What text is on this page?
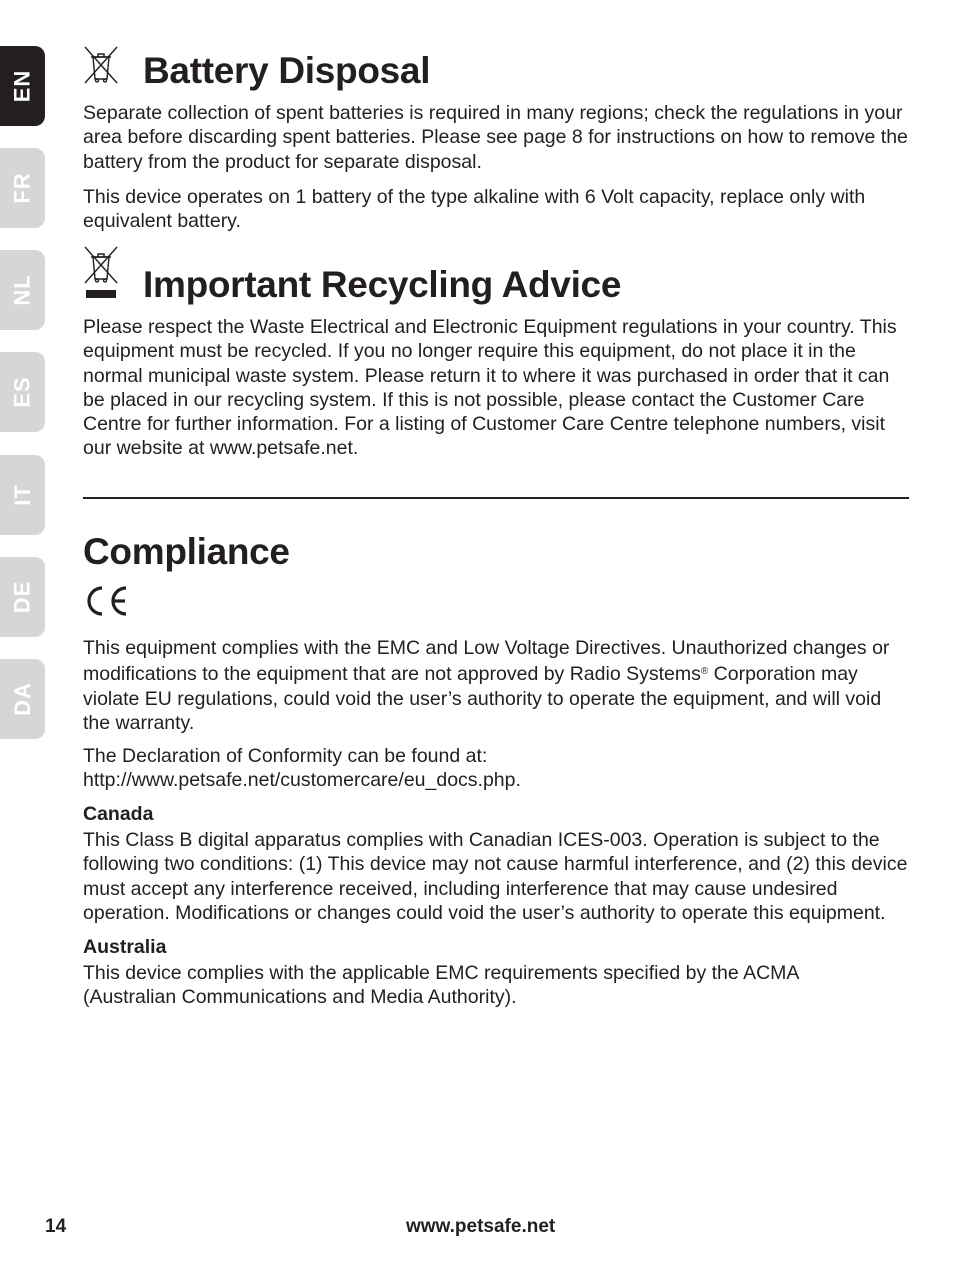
EN
FR
NL
ES
IT
DE
DA
Battery Disposal

Separate collection of spent batteries is required in many regions; check the regulations in your area before discarding spent batteries. Please see page 8 for instructions on how to remove the battery from the product for separate disposal.

This device operates on 1 battery of the type alkaline with 6 Volt capacity, replace only with equivalent battery.

Important Recycling Advice

Please respect the Waste Electrical and Electronic Equipment regulations in your country. This equipment must be recycled. If you no longer require this equipment, do not place it in the normal municipal waste system. Please return it to where it was purchased in order that it can be placed in our recycling system. If this is not possible, please contact the Customer Care Centre for further information. For a listing of Customer Care Centre telephone numbers, visit our website at www.petsafe.net.

Compliance

This equipment complies with the EMC and Low Voltage Directives. Unauthorized changes or modifications to the equipment that are not approved by Radio Systems® Corporation may violate EU regulations, could void the user’s authority to operate the equipment, and will void the warranty.

The Declaration of Conformity can be found at: http://www.petsafe.net/customercare/eu_docs.php.

Canada

This Class B digital apparatus complies with Canadian ICES-003. Operation is subject to the following two conditions: (1) This device may not cause harmful interference, and (2) this device must accept any interference received, including interference that may cause undesired operation. Modifications or changes could void the user’s authority to operate this equipment.

Australia

This device complies with the applicable EMC requirements specified by the ACMA (Australian Communications and Media Authority).

14	www.petsafe.net
